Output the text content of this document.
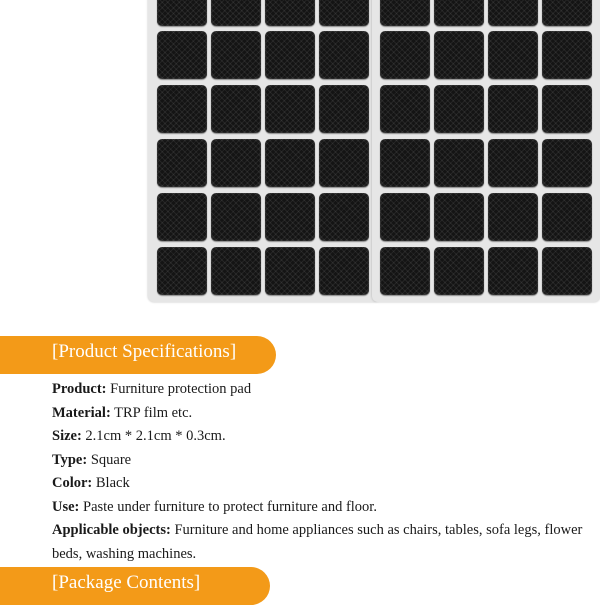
[Product Specifications]
Product: Furniture protection pad
Material: TRP film etc.
Size: 2.1cm * 2.1cm * 0.3cm.
Type: Square
Color: Black
Use: Paste under furniture to protect furniture and floor.
Applicable objects: Furniture and home appliances such as chairs, tables, sofa legs, flower beds, washing machines.
[Package Contents]
